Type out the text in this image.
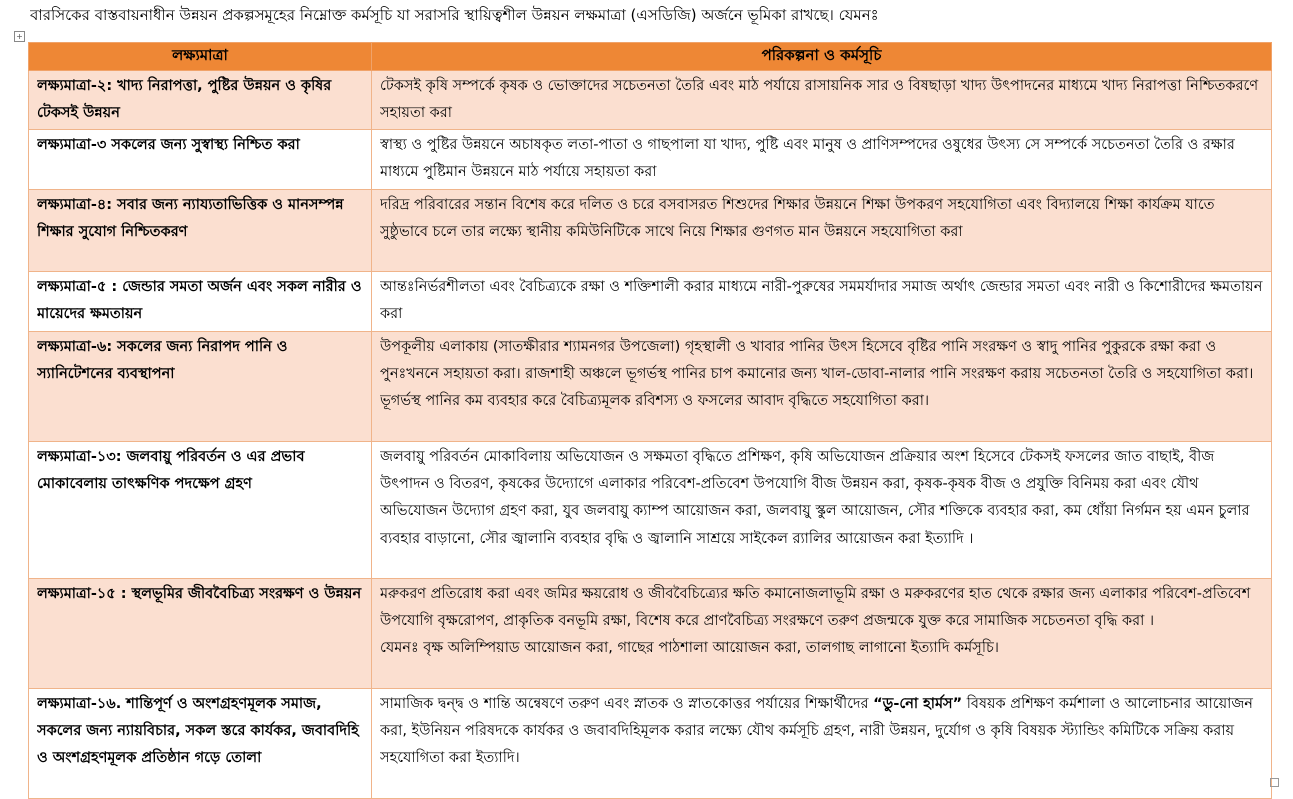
বারসিকের বাস্তবায়নাধীন উন্নয়ন প্রকল্পসমূহের নিম্নোক্ত কর্মসূচি যা সরাসরি স্থায়িত্বশীল উন্নয়ন লক্ষমাত্রা (এসডিজি) অর্জনে ভূমিকা রাখছে। যেমনঃ
+
লক্ষ্যমাত্রা	পরিকল্পনা ও কর্মসূচি

লক্ষ্যমাত্রা-২: খাদ্য নিরাপত্তা, পুষ্টির উন্নয়ন ও কৃষির টেকসই উন্নয়ন	টেকসই কৃষি সম্পর্কে কৃষক ও ভোক্তাদের সচেতনতা তৈরি এবং মাঠ পর্যায়ে রাসায়নিক সার ও বিষছাড়া খাদ্য উৎপাদনের মাধ্যমে খাদ্য নিরাপত্তা নিশ্চিতকরণে সহায়তা করা

লক্ষ্যমাত্রা-৩ সকলের জন্য সুস্বাস্থ্য নিশ্চিত করা	স্বাস্থ্য ও পুষ্টির উন্নয়নে অচাষকৃত লতা-পাতা ও গাছপালা যা খাদ্য, পুষ্টি এবং মানুষ ও প্রাণিসম্পদের ওষুধের উৎস্য সে সম্পর্কে সচেতনতা তৈরি ও রক্ষার মাধ্যমে পুষ্টিমান উন্নয়নে মাঠ পর্যায়ে সহায়তা করা

লক্ষ্যমাত্রা-৪: সবার জন্য ন্যায্যতাভিত্তিক ও মানসম্পন্ন শিক্ষার সুযোগ নিশ্চিতকরণ	দরিদ্র পরিবারের সন্তান বিশেষ করে দলিত ও চরে বসবাসরত শিশুদের শিক্ষার উন্নয়নে শিক্ষা উপকরণ সহযোগিতা এবং বিদ্যালয়ে শিক্ষা কার্যক্রম যাতে সুষ্ঠুভাবে চলে তার লক্ষ্যে স্থানীয় কমিউনিটিকে সাথে নিয়ে শিক্ষার গুণগত মান উন্নয়নে সহযোগিতা করা

লক্ষ্যমাত্রা-৫ : জেন্ডার সমতা অর্জন এবং সকল নারীর ও মায়েদের ক্ষমতায়ন	আন্তঃনির্ভরশীলতা এবং বৈচিত্র্যকে রক্ষা ও শক্তিশালী করার মাধ্যমে নারী-পুরুষের সমমর্যাদার সমাজ অর্থাৎ জেন্ডার সমতা এবং নারী ও কিশোরীদের ক্ষমতায়ন করা

লক্ষ্যমাত্রা-৬: সকলের জন্য নিরাপদ পানি ও স্যানিটেশনের ব্যবস্থাপনা	উপকূলীয় এলাকায় (সাতক্ষীরার শ্যামনগর উপজেলা) গৃহস্থালী ও খাবার পানির উৎস হিসেবে বৃষ্টির পানি সংরক্ষণ ও স্বাদু পানির পুকুরকে রক্ষা করা ও পুনঃখননে সহায়তা করা। রাজশাহী অঞ্চলে ভূগর্ভস্থ পানির চাপ কমানোর জন্য খাল-ডোবা-নালার পানি সংরক্ষণ করায় সচেতনতা তৈরি ও সহযোগিতা করা। ভূগর্ভস্থ পানির কম ব্যবহার করে বৈচিত্র্যমূলক রবিশস্য ও ফসলের আবাদ বৃদ্ধিতে সহযোগিতা করা।

লক্ষ্যমাত্রা-১৩: জলবায়ু পরিবর্তন ও এর প্রভাব মোকাবেলায় তাৎক্ষণিক পদক্ষেপ গ্রহণ	জলবায়ু পরিবর্তন মোকাবিলায় অভিযোজন ও সক্ষমতা বৃদ্ধিতে প্রশিক্ষণ, কৃষি অভিযোজন প্রক্রিয়ার অংশ হিসেবে টেকসই ফসলের জাত বাছাই, বীজ উৎপাদন ও বিতরণ, কৃষকের উদ্যোগে এলাকার পরিবেশ-প্রতিবেশ উপযোগি বীজ উন্নয়ন করা, কৃষক-কৃষক বীজ ও প্রযুক্তি বিনিময় করা এবং যৌথ অভিযোজন উদ্যোগ গ্রহণ করা, যুব জলবায়ু ক্যাম্প আয়োজন করা, জলবায়ু স্কুল আয়োজন, সৌর শক্তিকে ব্যবহার করা, কম ধোঁয়া নির্গমন হয় এমন চুলার ব্যবহার বাড়ানো, সৌর জ্বালানি ব্যবহার বৃদ্ধি ও জ্বালানি সাশ্রয়ে সাইকেল র‌্যালির আয়োজন করা ইত্যাদি ।

লক্ষ্যমাত্রা-১৫ : স্থলভূমির জীববৈচিত্র্য সংরক্ষণ ও উন্নয়ন	মরুকরণ প্রতিরোধ করা এবং জমির ক্ষয়রোধ ও জীববৈচিত্র্যের ক্ষতি কমানোজলাভূমি রক্ষা ও মরুকরণের হাত থেকে রক্ষার জন্য এলাকার পরিবেশ-প্রতিবেশ উপযোগি বৃক্ষরোপণ, প্রাকৃতিক বনভূমি রক্ষা, বিশেষ করে প্রাণবৈচিত্র্য সংরক্ষণে তরুণ প্রজন্মকে যুক্ত করে সামাজিক সচেতনতা বৃদ্ধি করা ।
যেমনঃ বৃক্ষ অলিম্পিয়াড আয়োজন করা, গাছের পাঠশালা আয়োজন করা, তালগাছ লাগানো ইত্যাদি কর্মসূচি।

লক্ষ্যমাত্রা-১৬. শান্তিপূর্ণ ও অংশগ্রহণমূলক সমাজ, সকলের জন্য ন্যায়বিচার, সকল স্তরে কার্যকর, জবাবদিহি ও অংশগ্রহণমূলক প্রতিষ্ঠান গড়ে তোলা	সামাজিক দ্বন্দ্ব ও শান্তি অন্বেষণে তরুণ এবং স্নাতক ও স্নাতকোত্তর পর্যায়ের শিক্ষার্থীদের “ডু-নো হার্মস” বিষয়ক প্রশিক্ষণ কর্মশালা ও আলোচনার আয়োজন করা, ইউনিয়ন পরিষদকে কার্যকর ও জবাবদিহিমূলক করার লক্ষ্যে যৌথ কর্মসূচি গ্রহণ, নারী উন্নয়ন, দুর্যোগ ও কৃষি বিষয়ক স্ট্যান্ডিং কমিটিকে সক্রিয় করায় সহযোগিতা করা ইত্যাদি।
